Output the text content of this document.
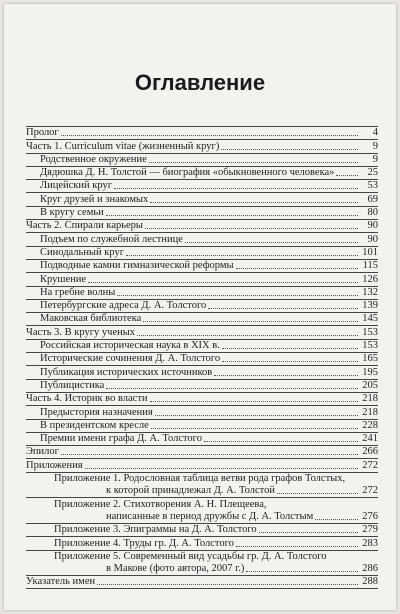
Оглавление
Пролог	4
Часть 1. Curriculum vitae (жизненный круг)	9
Родственное окружение	9
Дядюшка Д. Н. Толстой — биография «обыкновенного человека»	25
Лицейский круг	53
Круг друзей и знакомых	69
В кругу семьи	80
Часть 2. Спирали карьеры	90
Подъем по служебной лестнице	90
Синодальный круг	101
Подводные камни гимназической реформы	115
Крушение	126
На гребне волны	132
Петербургские адреса Д. А. Толстого	139
Маковская библиотека	145
Часть 3. В кругу ученых	153
Российская историческая наука в XIX в.	153
Исторические сочинения Д. А. Толстого	165
Публикация исторических источников	195
Публицистика	205
Часть 4. Историк во власти	218
Предыстория назначения	218
В президентском кресле	228
Премии имени графа Д. А. Толстого	241
Эпилог	266
Приложения	272
Приложение 1. Родословная таблица ветви рода графов Толстых,
к которой принадлежал Д. А. Толстой	272
Приложение 2. Стихотворения А. Н. Плещеева,
написанные в период дружбы с Д. А. Толстым	276
Приложение 3. Эпиграммы на Д. А. Толстого	279
Приложение 4. Труды гр. Д. А. Толстого	283
Приложение 5. Современный вид усадьбы гр. Д. А. Толстого
в Макове (фото автора, 2007 г.)	286
Указатель имен	288
